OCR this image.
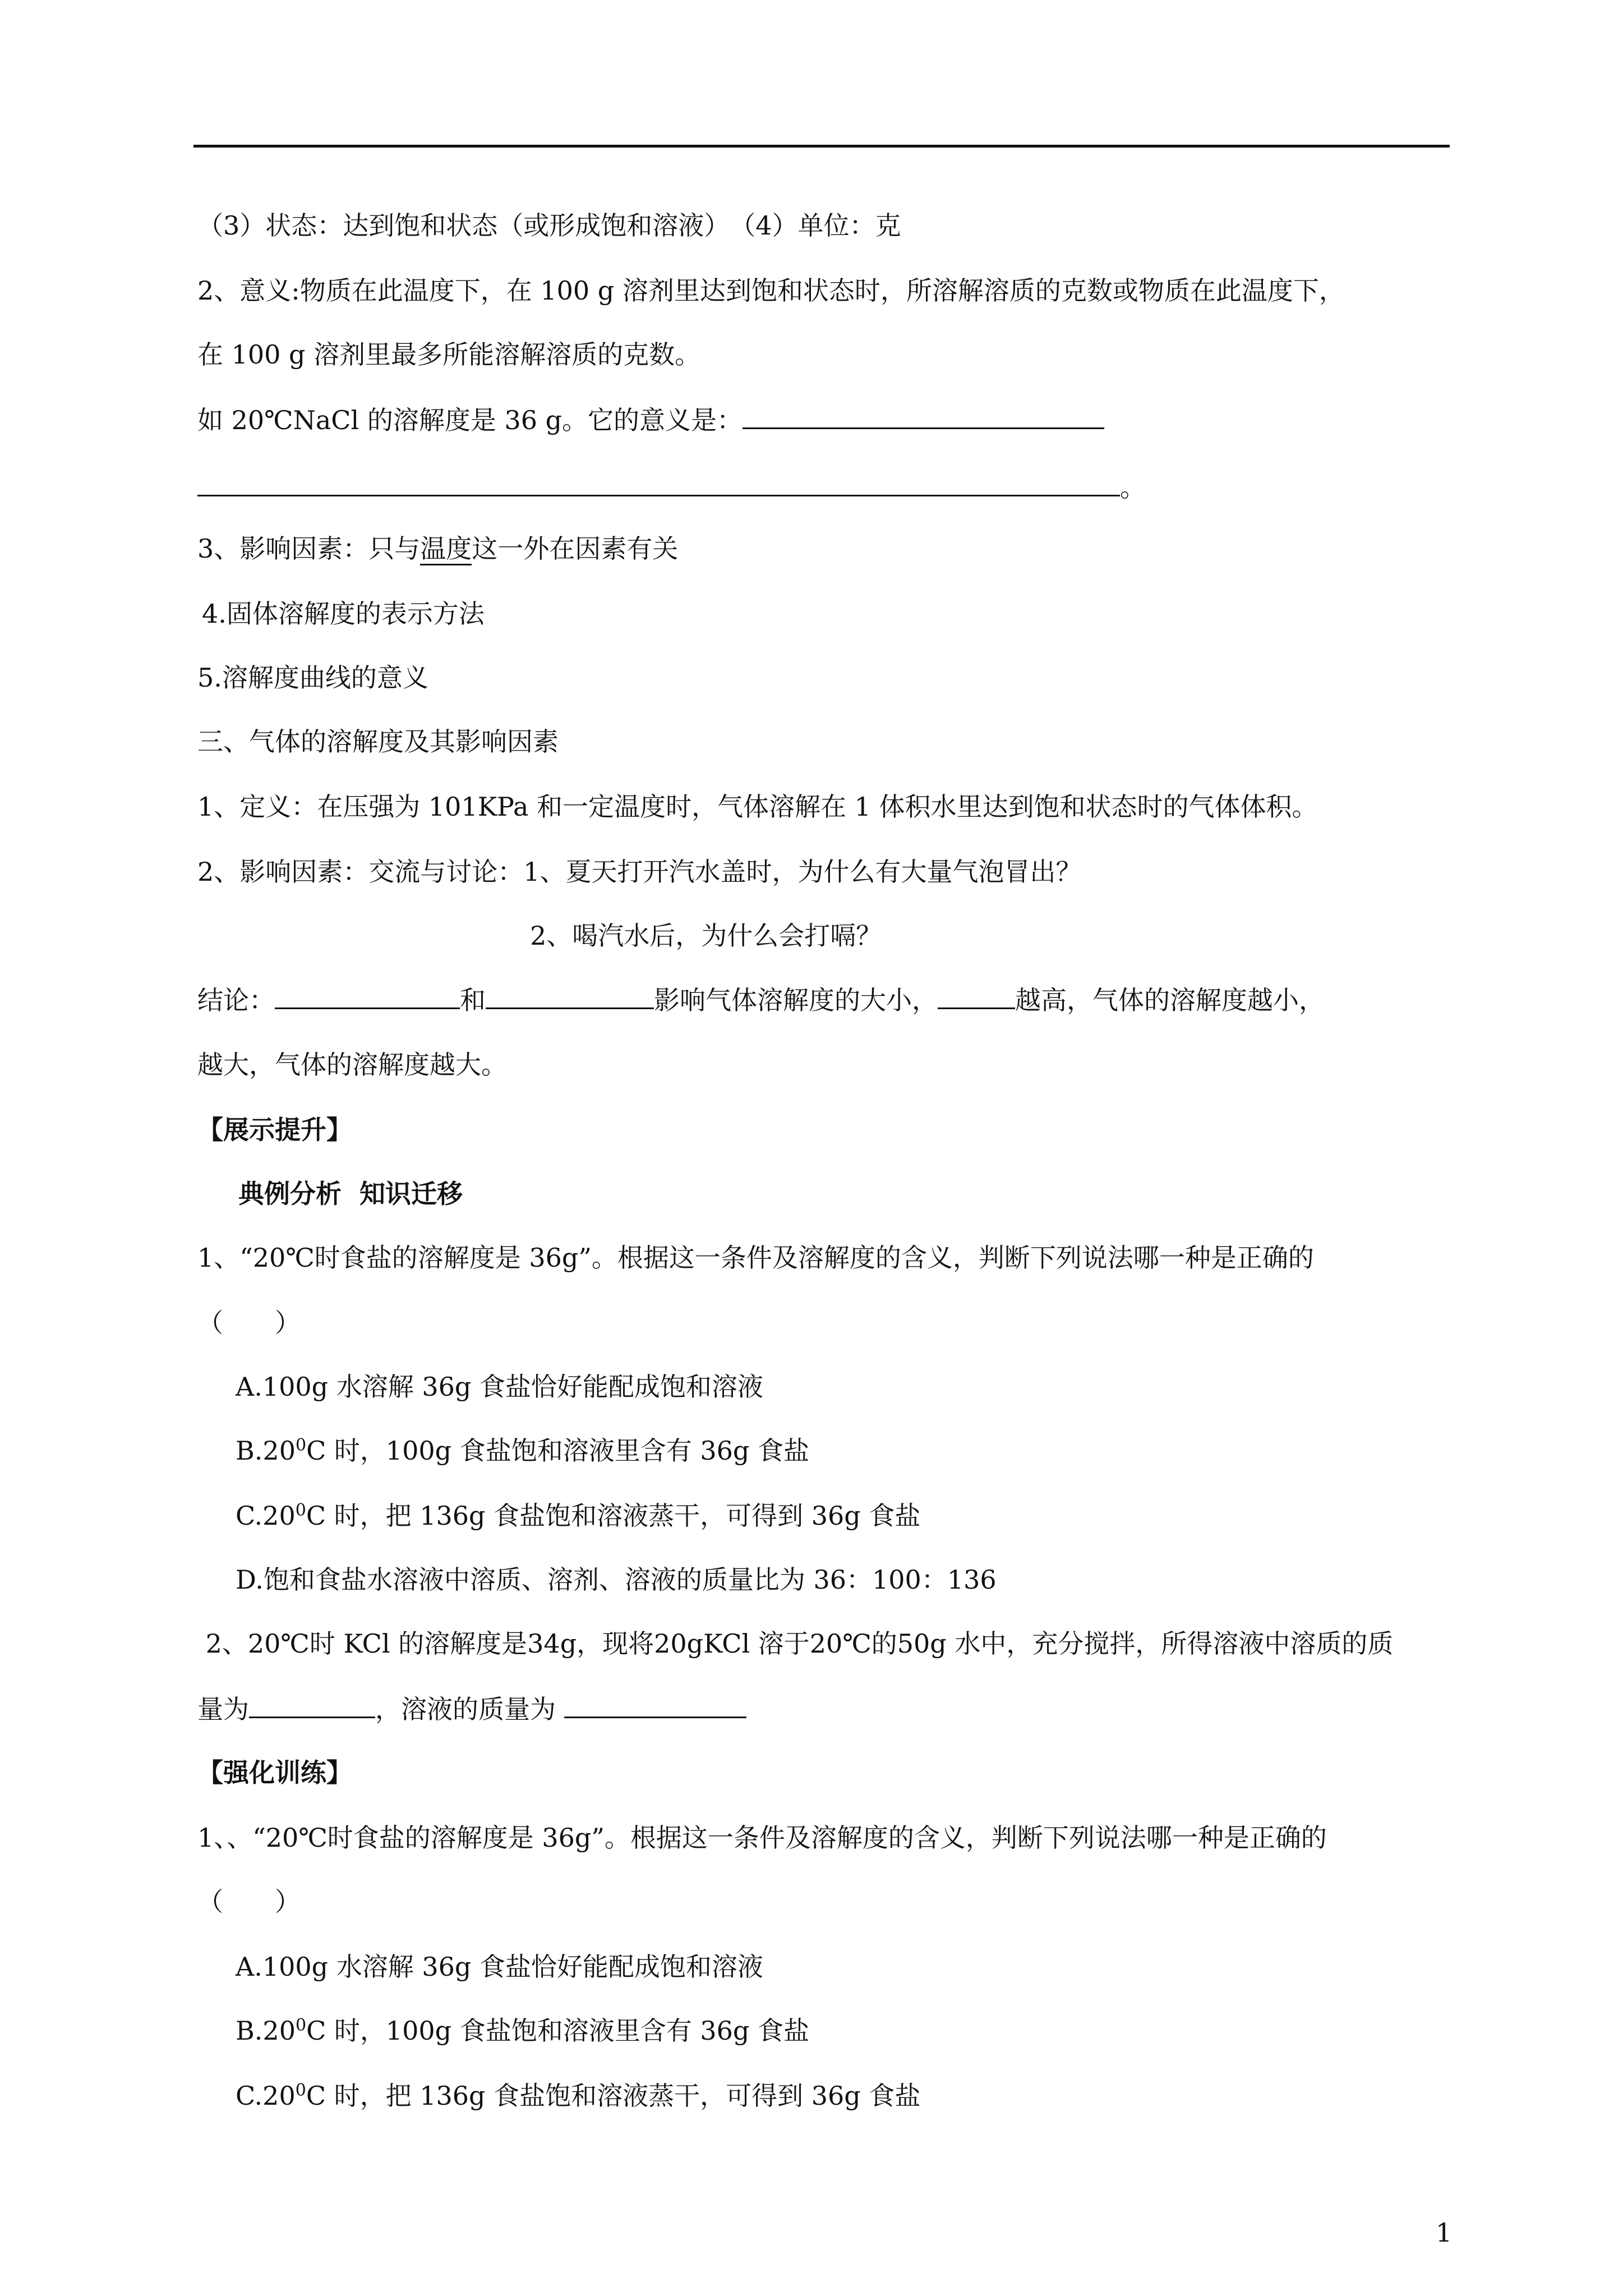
（3）状态：达到饱和状态（或形成饱和溶液）　（4）单位：克
2、意义:物质在此温度下，在 100 g 溶剂里达到饱和状态时，所溶解溶质的克数或物质在此温度下，
在 100 g 溶剂里最多所能溶解溶质的克数。
如 20℃NaCl 的溶解度是 36 g。它的意义是：
。
3、影响因素：只与温度这一外在因素有关
4.固体溶解度的表示方法
5.溶解度曲线的意义
三、气体的溶解度及其影响因素
1、定义：在压强为 101KPa 和一定温度时，气体溶解在 1 体积水里达到饱和状态时的气体体积。
2、影响因素：交流与讨论：1、夏天打开汽水盖时，为什么有大量气泡冒出？
2、喝汽水后，为什么会打嗝？
结论：	和	影响气体溶解度的大小，	越高，气体的溶解度越小，
越大，气体的溶解度越大。
【展示提升】
典例分析  知识迁移
1、“20℃时食盐的溶解度是 36g”。根据这一条件及溶解度的含义，判断下列说法哪一种是正确的
（　　）
A.100g 水溶解 36g 食盐恰好能配成饱和溶液
$B.20^0C$ 时，100g 食盐饱和溶液里含有 36g 食盐
$C.20^0C$ 时，把 136g 食盐饱和溶液蒸干，可得到 36g 食盐
D.饱和食盐水溶液中溶质、溶剂、溶液的质量比为 36：100：136
2、20℃时 KCl 的溶解度是34g，现将20gKCl 溶于20℃的50g 水中，充分搅拌，所得溶液中溶质的质
量为	，溶液的质量为
【强化训练】
1、、“20℃时食盐的溶解度是 36g”。根据这一条件及溶解度的含义，判断下列说法哪一种是正确的
（　　）
A.100g 水溶解 36g 食盐恰好能配成饱和溶液
$B.20^0C$ 时，100g 食盐饱和溶液里含有 36g 食盐
$C.20^0C$ 时，把 136g 食盐饱和溶液蒸干，可得到 36g 食盐
1
